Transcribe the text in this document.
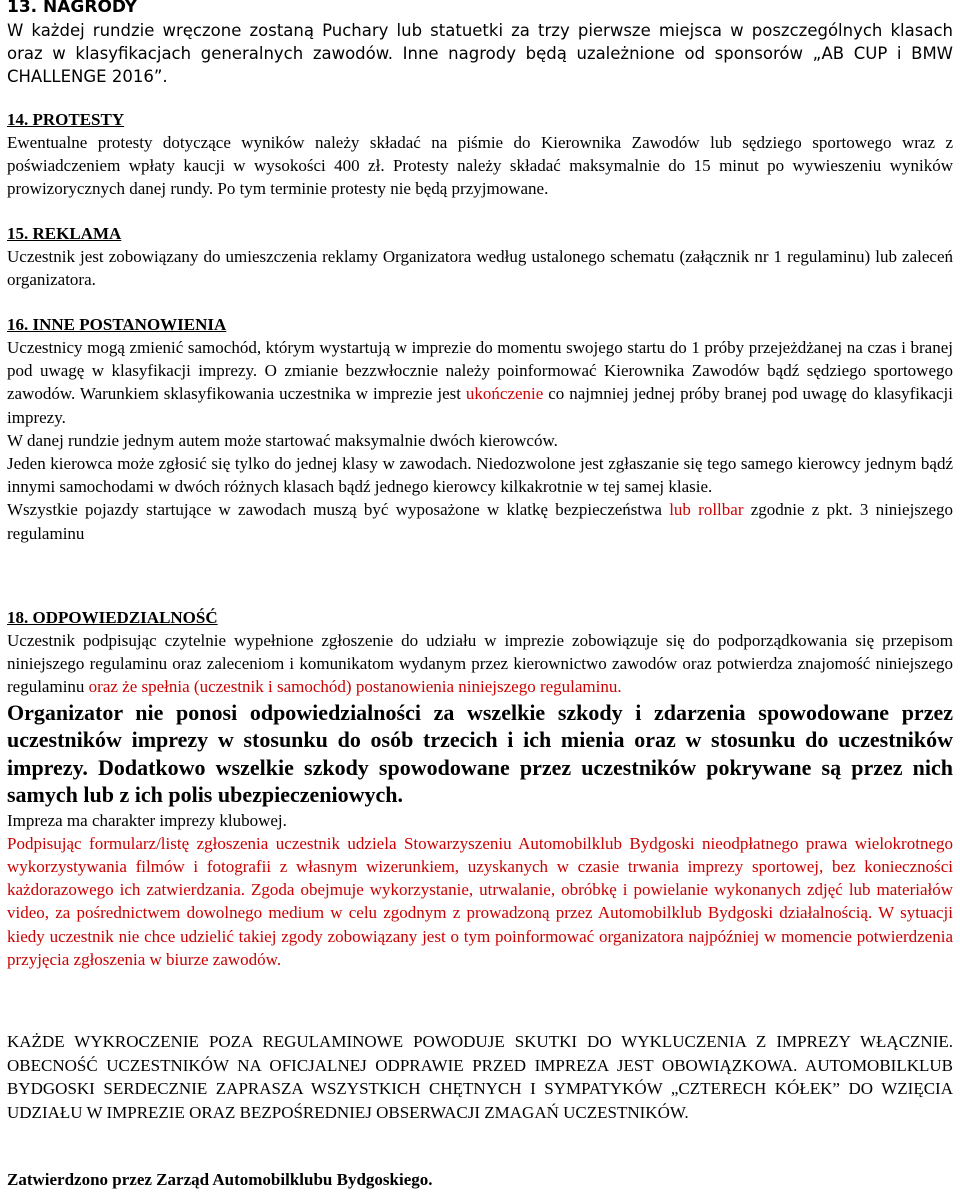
13. NAGRODY

W każdej rundzie wręczone zostaną Puchary lub statuetki za trzy pierwsze miejsca w poszczególnych klasach oraz w klasyfikacjach generalnych zawodów. Inne nagrody będą uzależnione od sponsorów „AB CUP i BMW CHALLENGE 2016”.

14. PROTESTY

Ewentualne protesty dotyczące wyników należy składać na piśmie do Kierownika Zawodów lub sędziego sportowego wraz z poświadczeniem wpłaty kaucji w wysokości 400 zł. Protesty należy składać maksymalnie do 15 minut po wywieszeniu wyników prowizorycznych danej rundy. Po tym terminie protesty nie będą przyjmowane.

15. REKLAMA

Uczestnik jest zobowiązany do umieszczenia reklamy Organizatora według ustalonego schematu (załącznik nr 1 regulaminu) lub zaleceń organizatora.

16. INNE POSTANOWIENIA

Uczestnicy mogą zmienić samochód, którym wystartują w imprezie do momentu swojego startu do 1 próby przejeżdżanej na czas i branej pod uwagę w klasyfikacji imprezy. O zmianie bezzwłocznie należy poinformować Kierownika Zawodów bądź sędziego sportowego zawodów. Warunkiem sklasyfikowania uczestnika w imprezie jest ukończenie co najmniej jednej próby branej pod uwagę do klasyfikacji imprezy.

W danej rundzie jednym autem może startować maksymalnie dwóch kierowców.

Jeden kierowca może zgłosić się tylko do jednej klasy w zawodach. Niedozwolone jest zgłaszanie się tego samego kierowcy jednym bądź innymi samochodami w dwóch różnych klasach bądź jednego kierowcy kilkakrotnie w tej samej klasie.

Wszystkie pojazdy startujące w zawodach muszą być wyposażone w klatkę bezpieczeństwa lub rollbar zgodnie z pkt. 3 niniejszego regulaminu

18. ODPOWIEDZIALNOŚĆ

Uczestnik podpisując czytelnie wypełnione zgłoszenie do udziału w imprezie zobowiązuje się do podporządkowania się przepisom niniejszego regulaminu oraz zaleceniom i komunikatom wydanym przez kierownictwo zawodów oraz potwierdza znajomość niniejszego regulaminu oraz że spełnia (uczestnik i samochód) postanowienia niniejszego regulaminu.

Organizator nie ponosi odpowiedzialności za wszelkie szkody i zdarzenia spowodowane przez uczestników imprezy w stosunku do osób trzecich i ich mienia oraz w stosunku do uczestników imprezy. Dodatkowo wszelkie szkody spowodowane przez uczestników pokrywane są przez nich samych lub z ich polis ubezpieczeniowych.

Impreza ma charakter imprezy klubowej.

Podpisując formularz/listę zgłoszenia uczestnik udziela Stowarzyszeniu Automobilklub Bydgoski nieodpłatnego prawa wielokrotnego wykorzystywania filmów i fotografii z własnym wizerunkiem, uzyskanych w czasie trwania imprezy sportowej, bez konieczności każdorazowego ich zatwierdzania. Zgoda obejmuje wykorzystanie, utrwalanie, obróbkę i powielanie wykonanych zdjęć lub materiałów video, za pośrednictwem dowolnego medium w celu zgodnym z prowadzoną przez Automobilklub Bydgoski działalnością. W sytuacji kiedy uczestnik nie chce udzielić takiej zgody zobowiązany jest o tym poinformować organizatora najpóźniej w momencie potwierdzenia przyjęcia zgłoszenia w biurze zawodów.

KAŻDE WYKROCZENIE POZA REGULAMINOWE POWODUJE SKUTKI DO WYKLUCZENIA Z IMPREZY WŁĄCZNIE. OBECNOŚĆ UCZESTNIKÓW NA OFICJALNEJ ODPRAWIE PRZED IMPREZA JEST OBOWIĄZKOWA. AUTOMOBILKLUB BYDGOSKI SERDECZNIE ZAPRASZA WSZYSTKICH CHĘTNYCH I SYMPATYKÓW „CZTERECH KÓŁEK” DO WZIĘCIA UDZIAŁU W IMPREZIE ORAZ BEZPOŚREDNIEJ OBSERWACJI ZMAGAŃ UCZESTNIKÓW.

Zatwierdzono przez Zarząd Automobilklubu Bydgoskiego.
